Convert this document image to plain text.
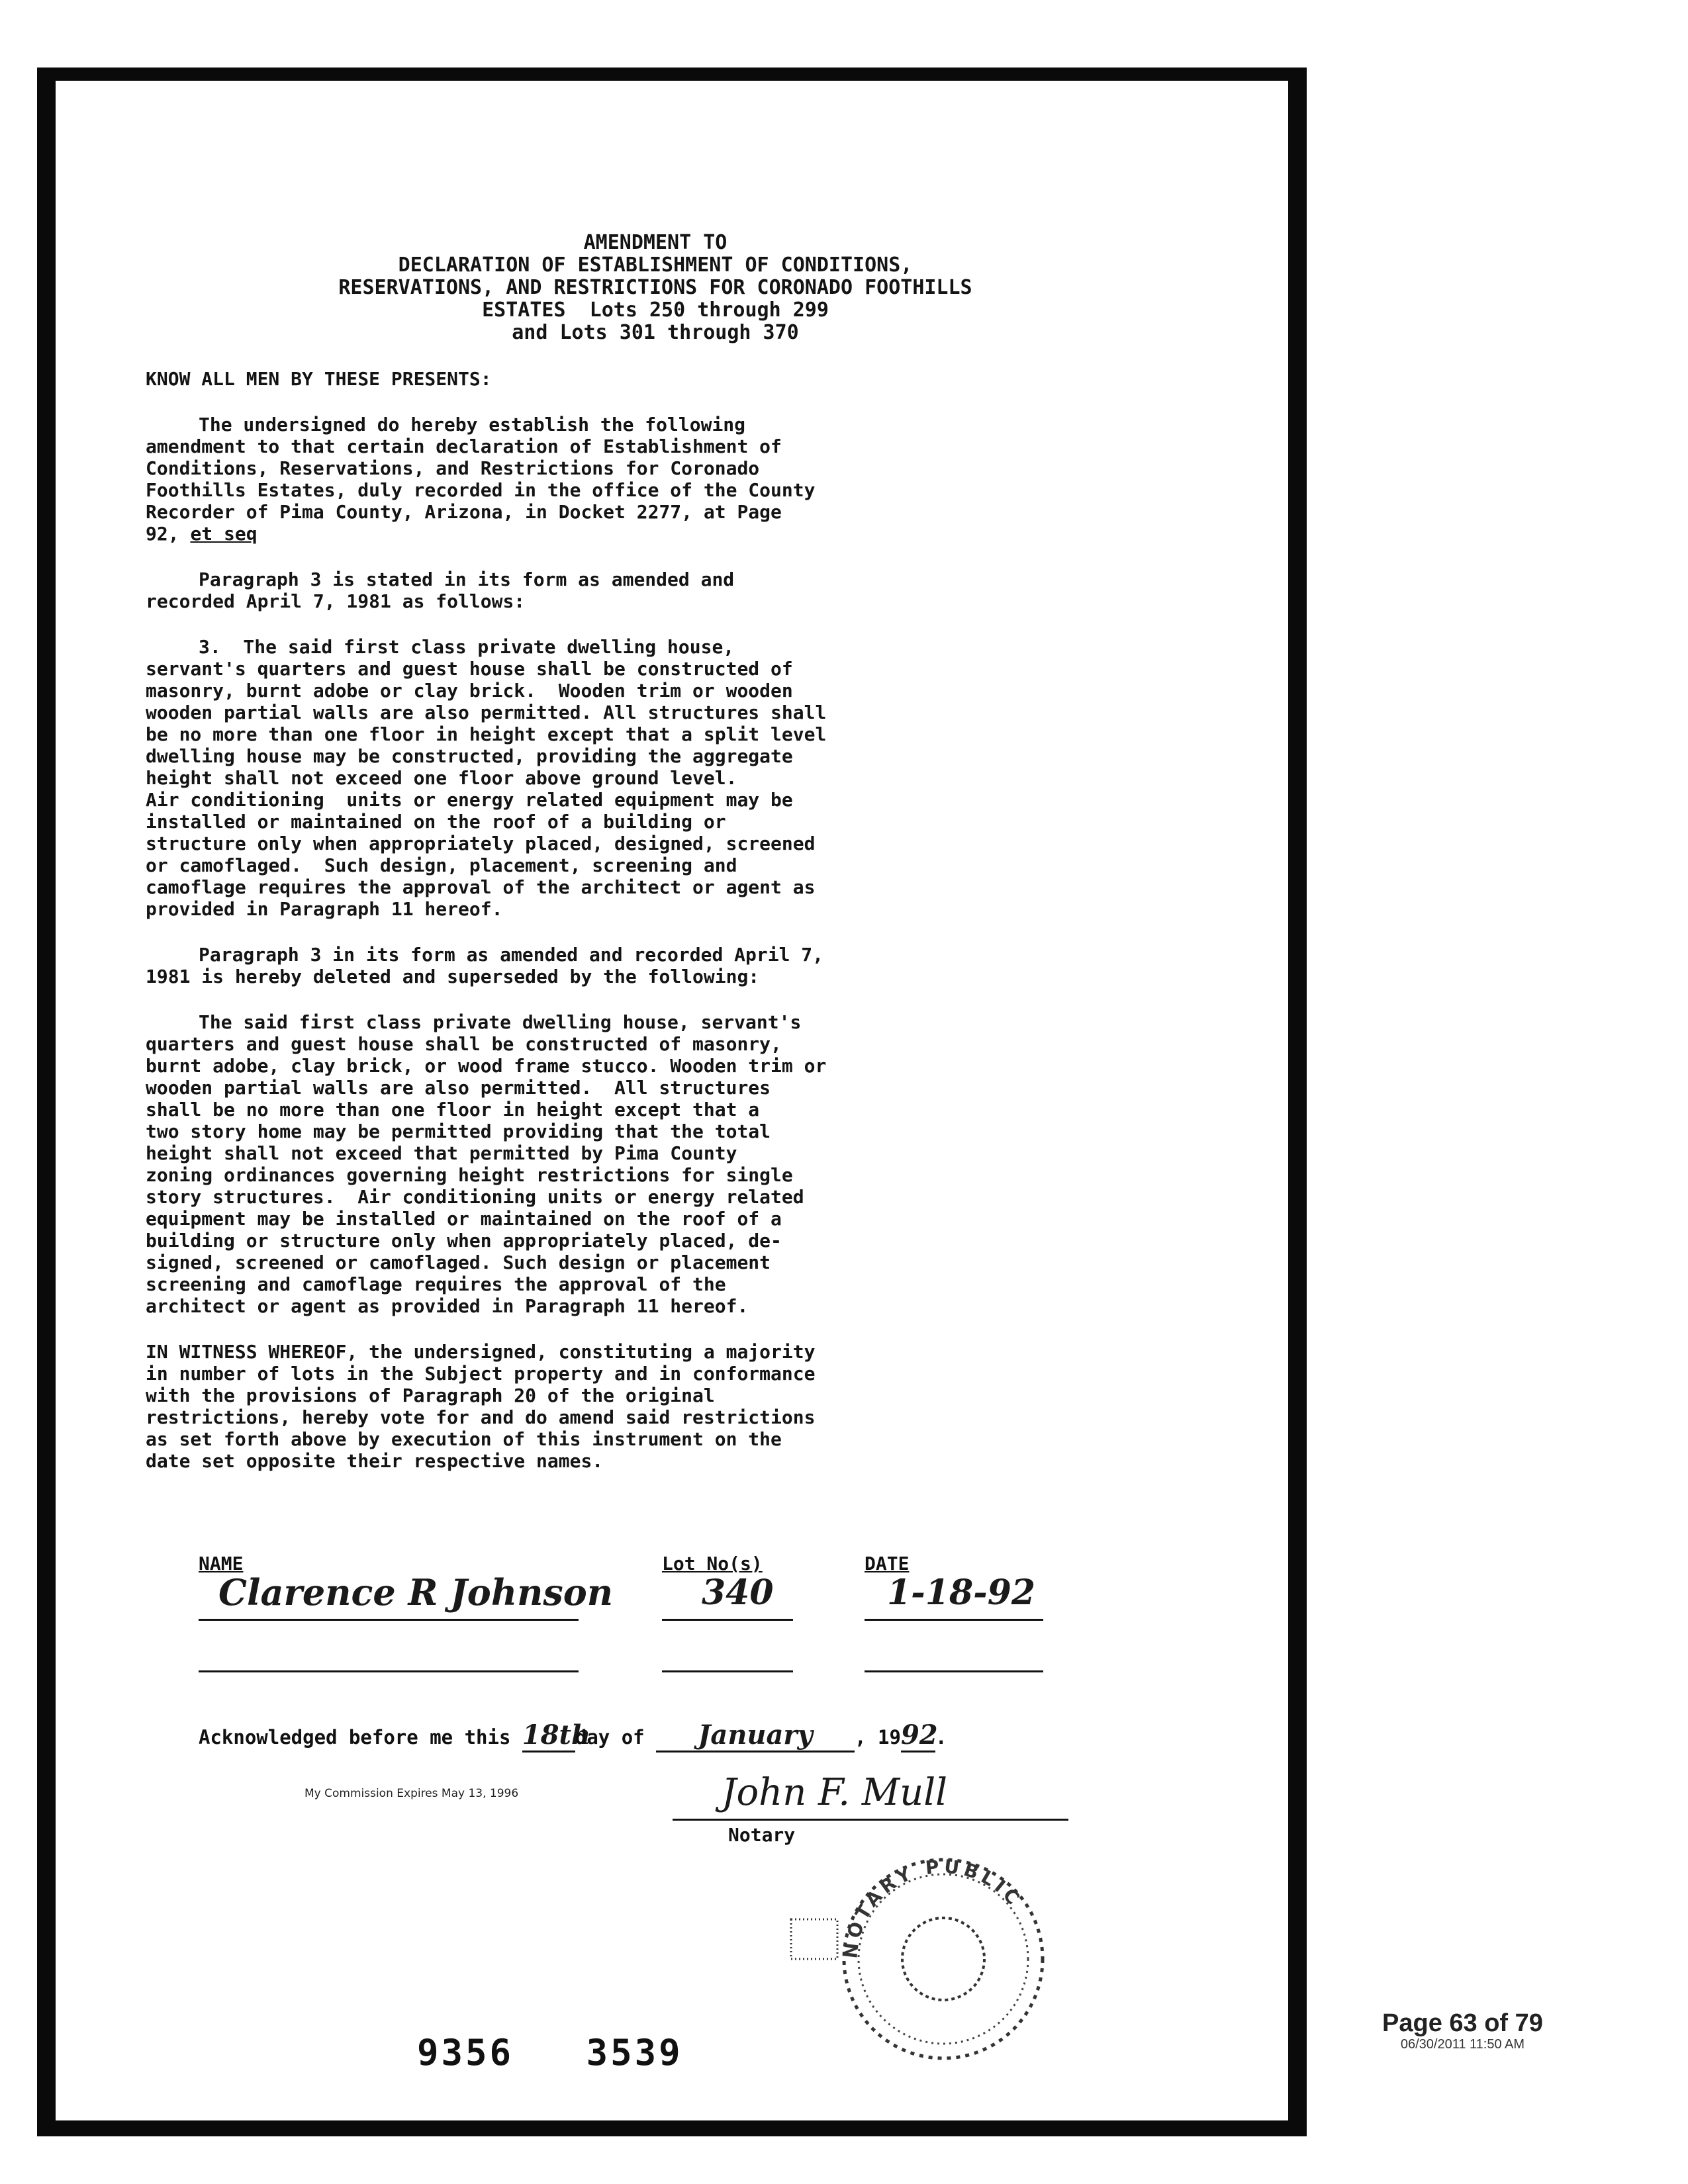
AMENDMENT TO
DECLARATION OF ESTABLISHMENT OF CONDITIONS,
RESERVATIONS, AND RESTRICTIONS FOR CORONADO FOOTHILLS
ESTATES  Lots 250 through 299
and Lots 301 through 370
KNOW ALL MEN BY THESE PRESENTS:
The undersigned do hereby establish the following
amendment to that certain declaration of Establishment of
Conditions, Reservations, and Restrictions for Coronado
Foothills Estates, duly recorded in the office of the County
Recorder of Pima County, Arizona, in Docket 2277, at Page
92, et seq
Paragraph 3 is stated in its form as amended and
recorded April 7, 1981 as follows:
3.  The said first class private dwelling house,
servant's quarters and guest house shall be constructed of
masonry, burnt adobe or clay brick.  Wooden trim or wooden
wooden partial walls are also permitted. All structures shall
be no more than one floor in height except that a split level
dwelling house may be constructed, providing the aggregate
height shall not exceed one floor above ground level.
Air conditioning  units or energy related equipment may be
installed or maintained on the roof of a building or
structure only when appropriately placed, designed, screened
or camoflaged.  Such design, placement, screening and
camoflage requires the approval of the architect or agent as
provided in Paragraph 11 hereof.
Paragraph 3 in its form as amended and recorded April 7,
1981 is hereby deleted and superseded by the following:
The said first class private dwelling house, servant's
quarters and guest house shall be constructed of masonry,
burnt adobe, clay brick, or wood frame stucco. Wooden trim or
wooden partial walls are also permitted.  All structures
shall be no more than one floor in height except that a
two story home may be permitted providing that the total
height shall not exceed that permitted by Pima County
zoning ordinances governing height restrictions for single
story structures.  Air conditioning units or energy related
equipment may be installed or maintained on the roof of a
building or structure only when appropriately placed, de-
signed, screened or camoflaged. Such design or placement
screening and camoflage requires the approval of the
architect or agent as provided in Paragraph 11 hereof.
IN WITNESS WHEREOF, the undersigned, constituting a majority
in number of lots in the Subject property and in conformance
with the provisions of Paragraph 20 of the original
restrictions, hereby vote for and do amend said restrictions
as set forth above by execution of this instrument on the
date set opposite their respective names.
NAME	Lot No(s)	DATE
Clarence R Johnson	340	1-18-92
Acknowledged before me this 18thday of January , 1992.
My Commission Expires May 13, 1996	John F. Mull
Notary
NOTARY PUBLIC
9356   3539
Page 63 of 79
06/30/2011 11:50 AM
